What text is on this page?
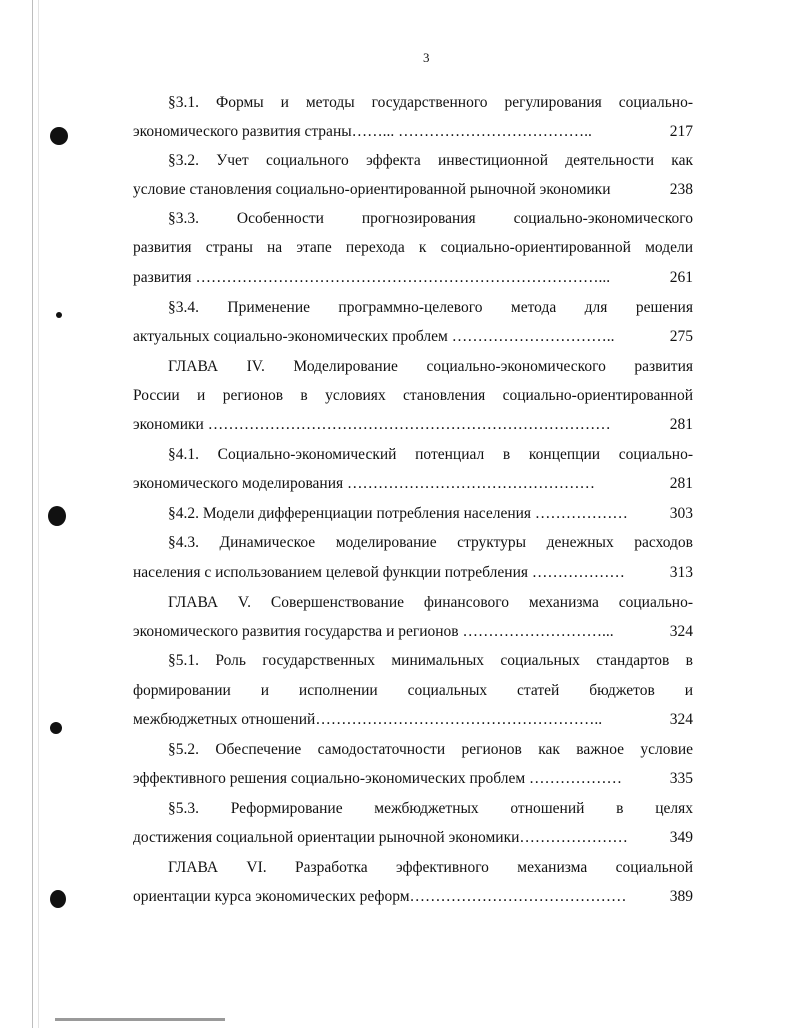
3
§3.1. Формы и методы государственного регулирования социально-
экономического развития страны……... ………………………………..	217
§3.2. Учет социального эффекта инвестиционной деятельности как
условие становления социально-ориентированной рыночной экономики	238
§3.3. Особенности прогнозирования социально-экономического
развития страны на этапе перехода к социально-ориентированной модели
развития ……………………………………………………………………...	261
§3.4. Применение программно-целевого метода для решения
актуальных социально-экономических проблем …………………………..	275
ГЛАВА IV. Моделирование социально-экономического развития
России и регионов в условиях становления социально-ориентированной
экономики ……………………………………………………………………	281
§4.1. Социально-экономический потенциал в концепции социально-
экономического моделирования …………………………………………	281
§4.2. Модели дифференциации потребления населения ………………	303
§4.3. Динамическое моделирование структуры денежных расходов
населения с использованием целевой функции потребления ………………	313
ГЛАВА V. Совершенствование финансового механизма социально-
экономического развития государства и регионов ………………………...	324
§5.1. Роль государственных минимальных социальных стандартов в
формировании и исполнении социальных статей бюджетов и
межбюджетных отношений………………………………………………..	324
§5.2. Обеспечение самодостаточности регионов как важное условие
эффективного решения социально-экономических проблем ………………	335
§5.3. Реформирование межбюджетных отношений в целях
достижения социальной ориентации рыночной экономики…………………	349
ГЛАВА VI. Разработка эффективного механизма социальной
ориентации курса экономических реформ……………………………………	389
